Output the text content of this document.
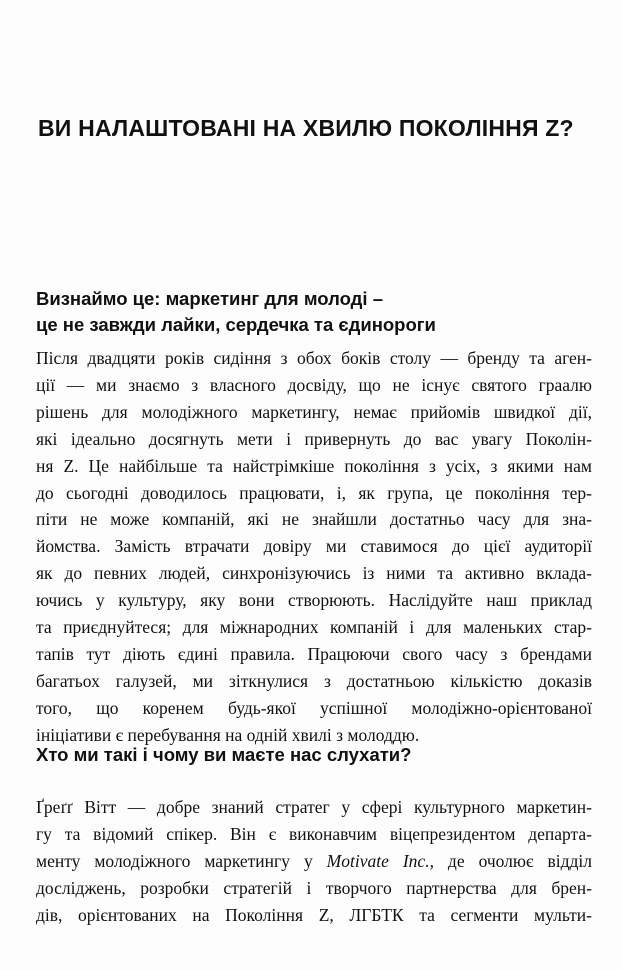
ВИ НАЛАШТОВАНІ НА ХВИЛЮ ПОКОЛІННЯ Z?
Визнаймо це: маркетинг для молоді –
це не завжди лайки, сердечка та єдинороги

Після двадцяти років сидіння з обох боків столу — бренду та аген-
ції — ми знаємо з власного досвіду, що не існує святого граалю
рішень для молодіжного маркетингу, немає прийомів швидкої дії,
які ідеально досягнуть мети і привернуть до вас увагу Поколін-
ня Z. Це найбільше та найстрімкіше покоління з усіх, з якими нам
до сьогодні доводилось працювати, і, як група, це покоління тер-
піти не може компаній, які не знайшли достатньо часу для зна-
йомства. Замість втрачати довіру ми ставимося до цієї аудиторії
як до певних людей, синхронізуючись із ними та активно вклада-
ючись у культуру, яку вони створюють. Наслідуйте наш приклад
та приєднуйтеся; для міжнародних компаній і для маленьких стар-
тапів тут діють єдині правила. Працюючи свого часу з брендами
багатьох галузей, ми зіткнулися з достатньою кількістю доказів
того, що коренем будь-якої успішної молодіжно-орієнтованої
ініціативи є перебування на одній хвилі з молоддю.

Хто ми такі і чому ви маєте нас слухати?

Ґреґґ Вітт — добре знаний стратег у сфері культурного маркетин-
гу та відомий спікер. Він є виконавчим віцепрезидентом департа-
менту молодіжного маркетингу у Motivate Inc., де очолює відділ
досліджень, розробки стратегій і творчого партнерства для брен-
дів, орієнтованих на Покоління Z, ЛГБТК та сегменти мульти-
